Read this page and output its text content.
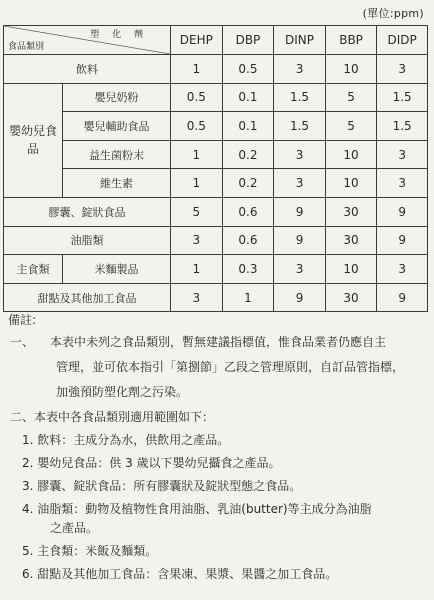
(單位:ppm)
塑 化 劑
食品類別		DEHP	DBP	DINP	BBP	DIDP
飲料		1	0.5	3	10	3
嬰幼兒食品	嬰兒奶粉	0.5	0.1	1.5	5	1.5
	嬰兒輔助食品	0.5	0.1	1.5	5	1.5
	益生菌粉末	1	0.2	3	10	3
	維生素	1	0.2	3	10	3
膠囊、錠狀食品		5	0.6	9	30	9
油脂類		3	0.6	9	30	9
主食類	米麵製品	1	0.3	3	10	3
甜點及其他加工食品		3	1	9	30	9
備註:
一、 本表中未列之食品類別，暫無建議指標值，惟食品業者仍應自主
管理，並可依本指引「第捌節」乙段之管理原則，自訂品管指標，
加強預防塑化劑之污染。
二、本表中各食品類別適用範圍如下：
1. 飲料：主成分為水，供飲用之產品。
2. 嬰幼兒食品：供 3 歲以下嬰幼兒攝食之產品。
3. 膠囊、錠狀食品：所有膠囊狀及錠狀型態之食品。
4. 油脂類：動物及植物性食用油脂、乳油(butter)等主成分為油脂
之產品。
5. 主食類：米飯及麵類。
6. 甜點及其他加工食品：含果凍、果漿、果醬之加工食品。
